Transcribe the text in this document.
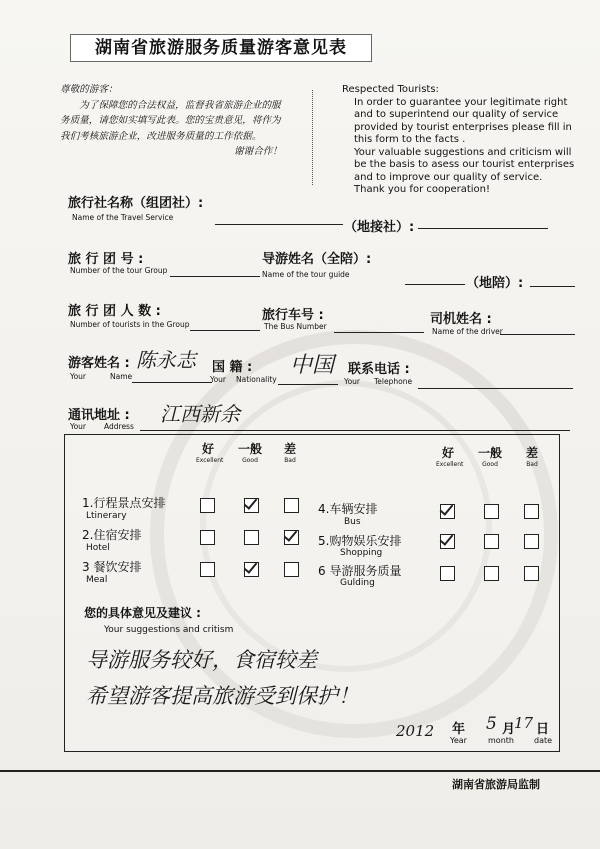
湖南省旅游服务质量游客意见表
尊敬的游客：
为了保障您的合法权益，监督我省旅游企业的服务质量，请您如实填写此表。您的宝贵意见，将作为我们考核旅游企业，改进服务质量的工作依据。
谢谢合作！
Respected Tourists:
In order to guarantee your legitimate right and to superintend our quality of service provided by tourist enterprises please fill in this form to the facts .
Your valuable suggestions and criticism will be the basis to asess our tourist enterprises and to improve our quality of service.
Thank you for cooperation!
旅行社名称（组团社）:
Name of the Travel Service
（地接社）:
旅 行 团 号 :
Number of the tour Group
导游姓名（全陪）:
Name of the tour guide
（地陪）:
旅 行 团 人 数 :
Number of tourists in the Group
旅行车号 :
The Bus Number	司机姓名 :
Name of the driver
游客姓名 :
Your	Name
陈永志 国 籍 :
Your Nationality
中国 联系电话 :
Your Telephone
通讯地址 :
Your Address
江西新余
好
Excellent
一般
Good
差
Bad
好
Excellent
一般
Good
差
Bad
1.行程景点安排
Ltinerary
2.住宿安排
Hotel
3 餐饮安排
Meal
4.车辆安排
Bus
5.购物娱乐安排
Shopping
6 导游服务质量
Gulding
您的具体意见及建议 :
Your suggestions and critism
导游服务较好，食宿较差
希望游客提高旅游受到保护！
2012 年
Year
5 月
month
17 日
date
湖南省旅游局监制
